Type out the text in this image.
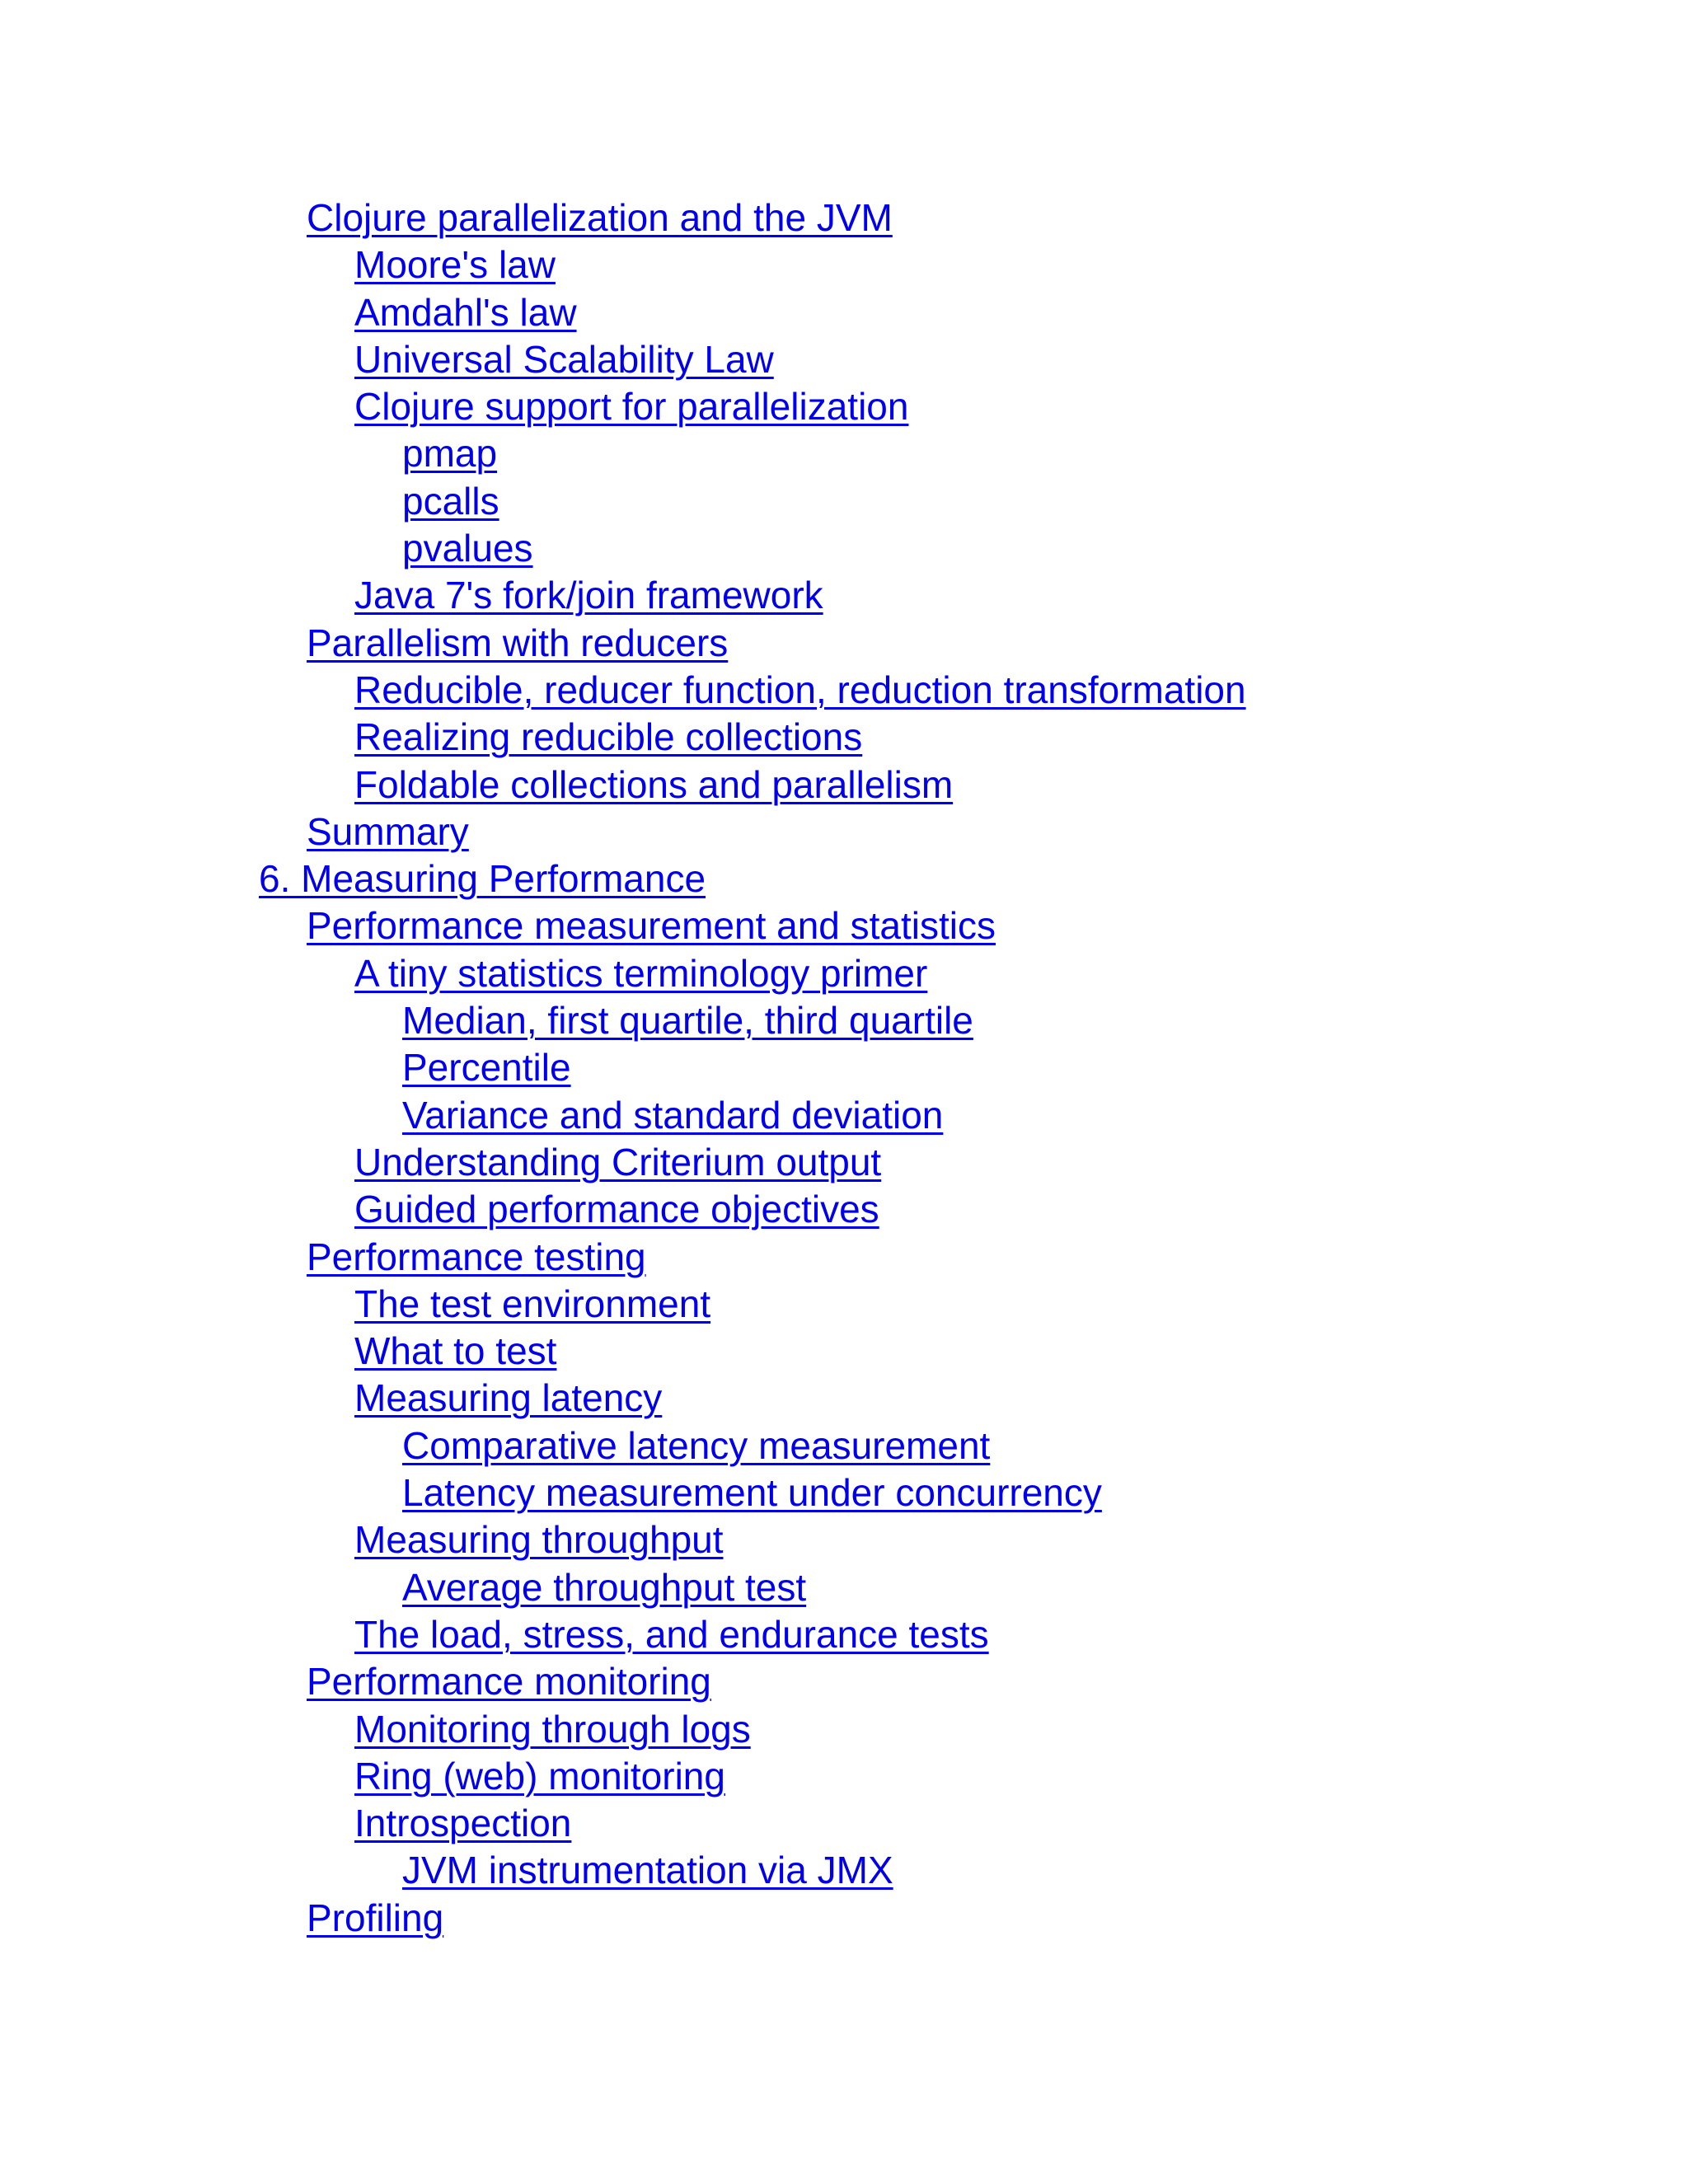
Clojure parallelization and the JVM
Moore's law
Amdahl's law
Universal Scalability Law
Clojure support for parallelization
pmap
pcalls
pvalues
Java 7's fork/join framework
Parallelism with reducers
Reducible, reducer function, reduction transformation
Realizing reducible collections
Foldable collections and parallelism
Summary
6. Measuring Performance
Performance measurement and statistics
A tiny statistics terminology primer
Median, first quartile, third quartile
Percentile
Variance and standard deviation
Understanding Criterium output
Guided performance objectives
Performance testing
The test environment
What to test
Measuring latency
Comparative latency measurement
Latency measurement under concurrency
Measuring throughput
Average throughput test
The load, stress, and endurance tests
Performance monitoring
Monitoring through logs
Ring (web) monitoring
Introspection
JVM instrumentation via JMX
Profiling
